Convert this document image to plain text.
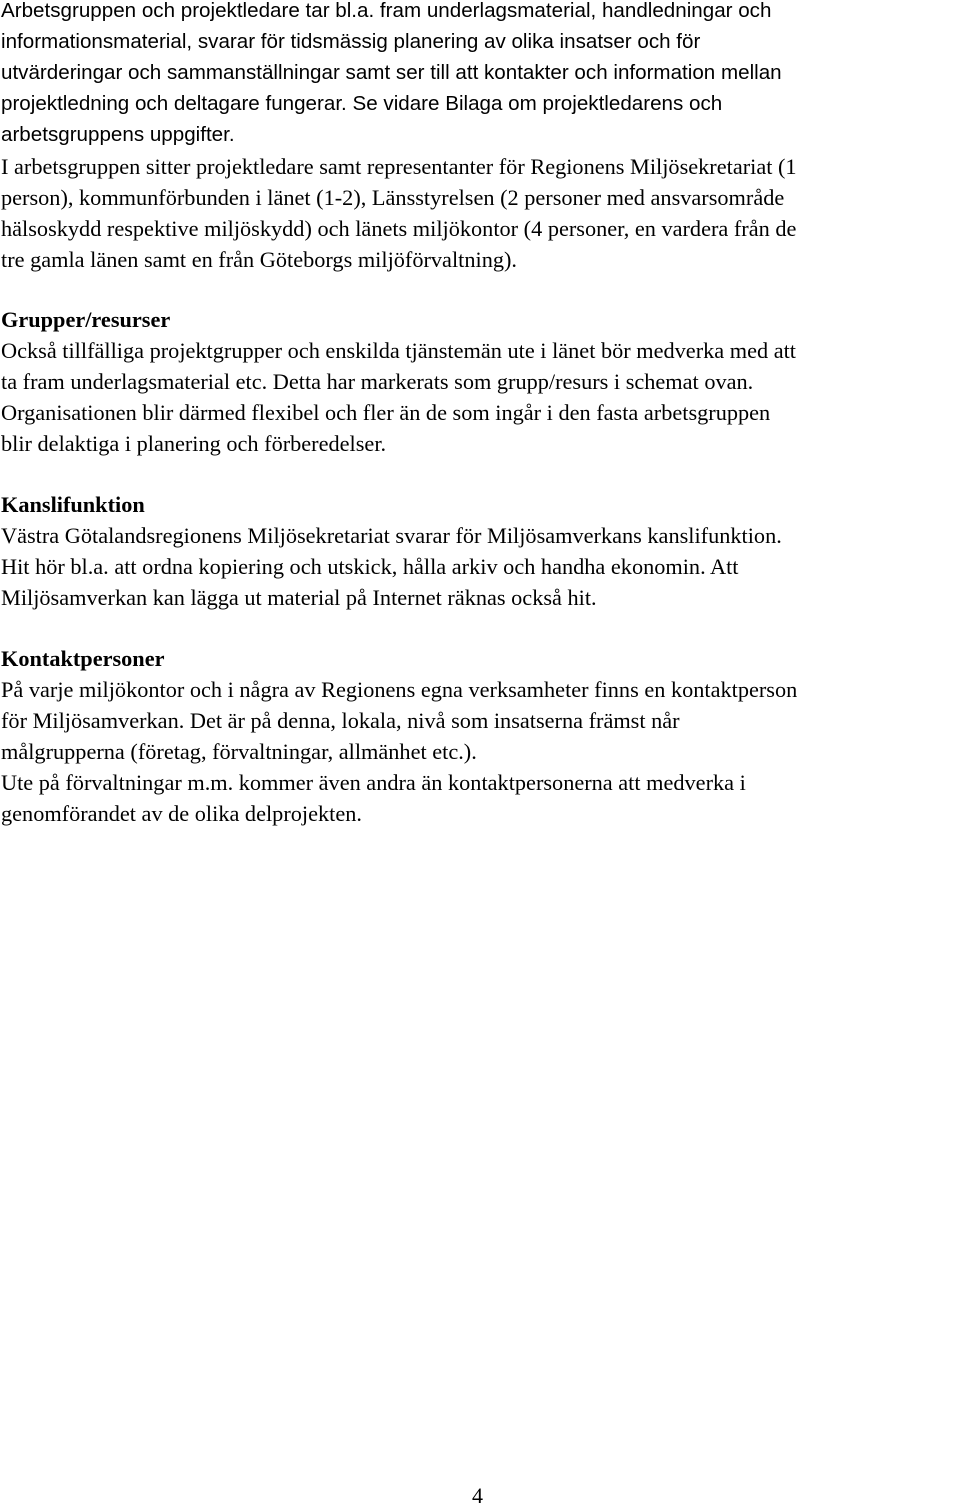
Arbetsgruppen och projektledare tar bl.a. fram underlagsmaterial, handledningar och
informationsmaterial, svarar för tidsmässig planering av olika insatser och för
utvärderingar och sammanställningar samt ser till att kontakter och information mellan
projektledning och deltagare fungerar. Se vidare Bilaga om projektledarens och
arbetsgruppens uppgifter.
I arbetsgruppen sitter projektledare samt representanter för Regionens Miljösekretariat (1
person), kommunförbunden i länet (1-2), Länsstyrelsen (2 personer med ansvarsområde
hälsoskydd respektive miljöskydd) och länets miljökontor (4 personer, en vardera från de
tre gamla länen samt en från Göteborgs miljöförvaltning).
Grupper/resurser
Också tillfälliga projektgrupper och enskilda tjänstemän ute i länet bör medverka med att
ta fram underlagsmaterial etc. Detta har markerats som grupp/resurs i schemat ovan.
Organisationen blir därmed flexibel och fler än de som ingår i den fasta arbetsgruppen
blir delaktiga i planering och förberedelser.
Kanslifunktion
Västra Götalandsregionens Miljösekretariat svarar för Miljösamverkans kanslifunktion.
Hit hör bl.a. att ordna kopiering och utskick, hålla arkiv och handha ekonomin. Att
Miljösamverkan kan lägga ut material på Internet räknas också hit.
Kontaktpersoner
På varje miljökontor och i några av Regionens egna verksamheter finns en kontaktperson
för Miljösamverkan. Det är på denna, lokala, nivå som insatserna främst når
målgrupperna (företag, förvaltningar, allmänhet etc.).
Ute på förvaltningar m.m. kommer även andra än kontaktpersonerna att medverka i
genomförandet av de olika delprojekten.
4
